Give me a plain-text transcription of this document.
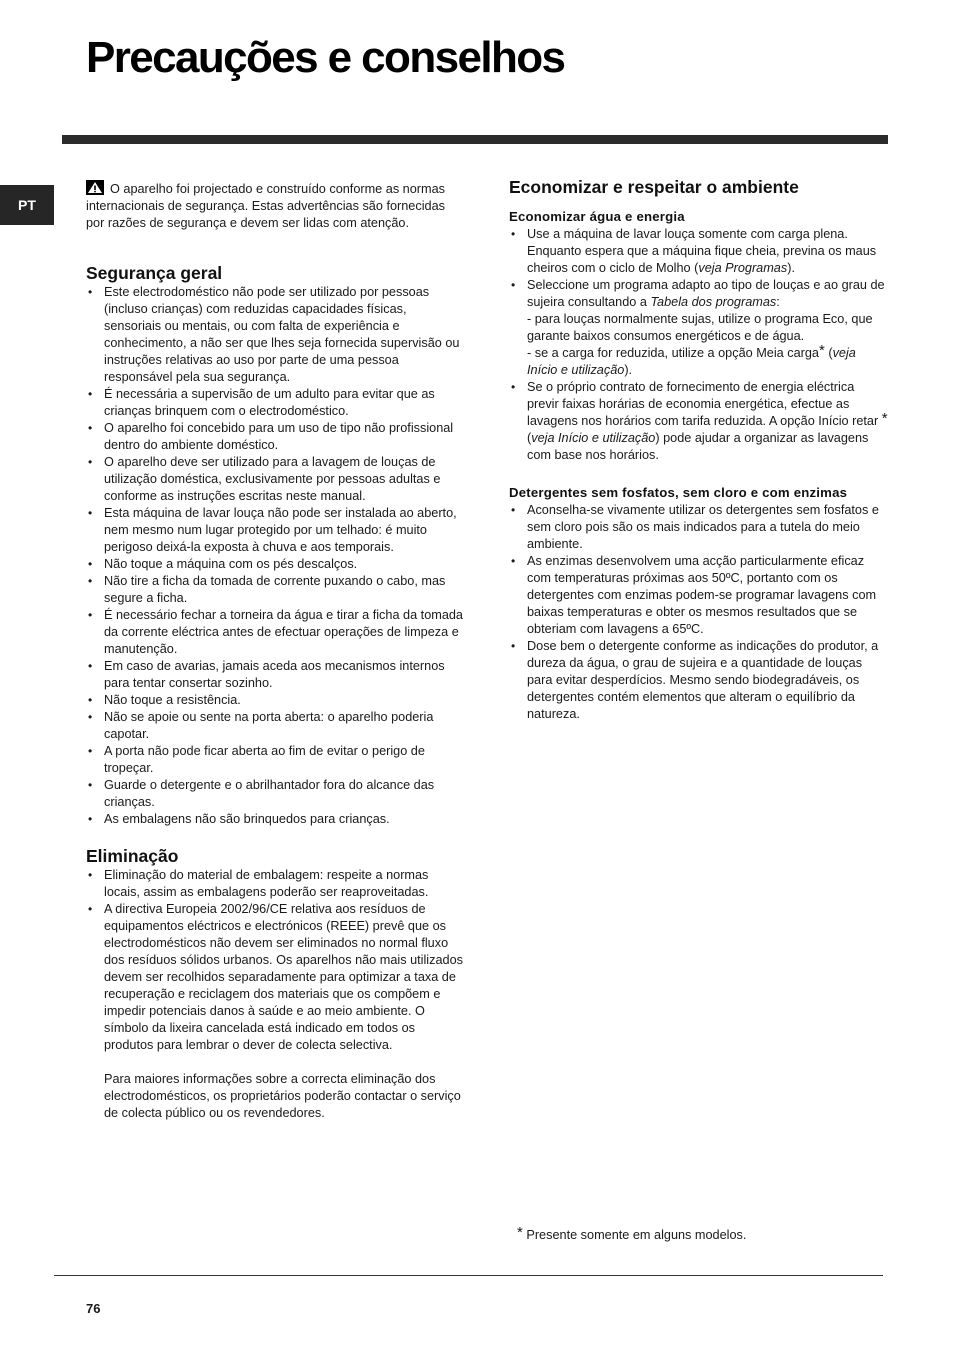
Precauções e conselhos
PT

O aparelho foi projectado e construído conforme as normas internacionais de segurança. Estas advertências são fornecidas por razões de segurança e devem ser lidas com atenção.

Segurança geral
• Este electrodoméstico não pode ser utilizado por pessoas (incluso crianças) com reduzidas capacidades físicas, sensoriais ou mentais, ou com falta de experiência e conhecimento, a não ser que lhes seja fornecida supervisão ou instruções relativas ao uso por parte de uma pessoa responsável pela sua segurança.
• É necessária a supervisão de um adulto para evitar que as crianças brinquem com o electrodoméstico.
• O aparelho foi concebido para um uso de tipo não profissional dentro do ambiente doméstico.
• O aparelho deve ser utilizado para a lavagem de louças de utilização doméstica, exclusivamente por pessoas adultas e conforme as instruções escritas neste manual.
• Esta máquina de lavar louça não pode ser instalada ao aberto, nem mesmo num lugar protegido por um telhado: é muito perigoso deixá-la exposta à chuva e aos temporais.
• Não toque a máquina com os pés descalços.
• Não tire a ficha da tomada de corrente puxando o cabo, mas segure a ficha.
• É necessário fechar a torneira da água e tirar a ficha da tomada da corrente eléctrica antes de efectuar operações de limpeza e manutenção.
• Em caso de avarias, jamais aceda aos mecanismos internos para tentar consertar sozinho.
• Não toque a resistência.
• Não se apoie ou sente na porta aberta: o aparelho poderia capotar.
• A porta não pode ficar aberta ao fim de evitar o perigo de tropeçar.
• Guarde o detergente e o abrilhantador fora do alcance das crianças.
• As embalagens não são brinquedos para crianças.
Eliminação
• Eliminação do material de embalagem: respeite a normas locais, assim as embalagens poderão ser reaproveitadas.
• A directiva Europeia 2002/96/CE relativa aos resíduos de equipamentos eléctricos e electrónicos (REEE) prevê que os electrodomésticos não devem ser eliminados no normal fluxo dos resíduos sólidos urbanos. Os aparelhos não mais utilizados devem ser recolhidos separadamente para optimizar a taxa de recuperação e reciclagem dos materiais que os compõem e impedir potenciais danos à saúde e ao meio ambiente. O símbolo da lixeira cancelada está indicado em todos os produtos para lembrar o dever de colecta selectiva.

Para maiores informações sobre a correcta eliminação dos electrodomésticos, os proprietários poderão contactar o serviço de colecta público ou os revendedores.

Economizar e respeitar o ambiente
Economizar água e energia
• Use a máquina de lavar louça somente com carga plena. Enquanto espera que a máquina fique cheia, previna os maus cheiros com o ciclo de Molho (veja Programas).
• Seleccione um programa adapto ao tipo de louças e ao grau de sujeira consultando a Tabela dos programas:
- para louças normalmente sujas, utilize o programa Eco, que garante baixos consumos energéticos e de água.
- se a carga for reduzida, utilize a opção Meia carga* (veja Início e utilização).
• Se o próprio contrato de fornecimento de energia eléctrica previr faixas horárias de economia energética, efectue as lavagens nos horários com tarifa reduzida. A opção Início retar * (veja Início e utilização) pode ajudar a organizar as lavagens com base nos horários.
Detergentes sem fosfatos, sem cloro e com enzimas
• Aconselha-se vivamente utilizar os detergentes sem fosfatos e sem cloro pois são os mais indicados para a tutela do meio ambiente.
• As enzimas desenvolvem uma acção particularmente eficaz com temperaturas próximas aos 50ºC, portanto com os detergentes com enzimas podem-se programar lavagens com baixas temperaturas e obter os mesmos resultados que se obteriam com lavagens a 65ºC.
• Dose bem o detergente conforme as indicações do produtor, a dureza da água, o grau de sujeira e a quantidade de louças para evitar desperdícios. Mesmo sendo biodegradáveis, os detergentes contém elementos que alteram o equilíbrio da natureza.
* Presente somente em alguns modelos.
76
